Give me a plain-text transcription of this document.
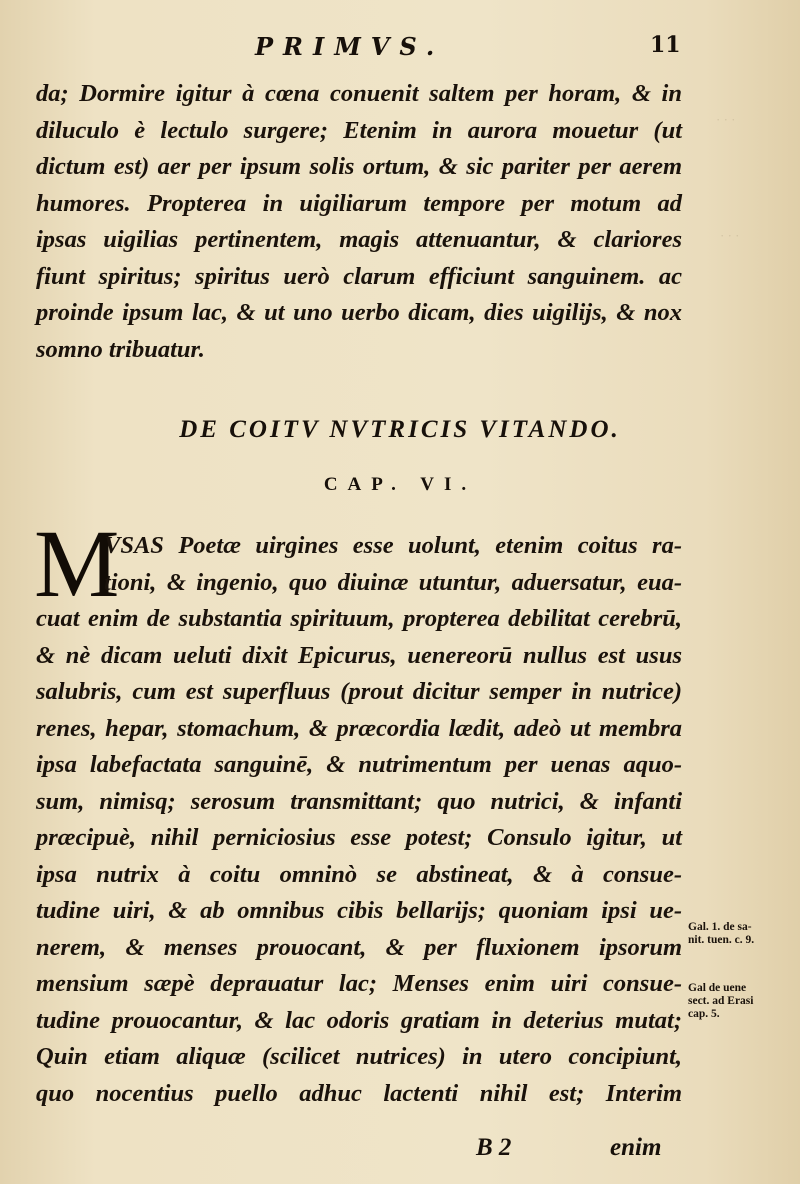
PRIMVS.	11
· · ·
· · ·
da; Dormire igitur à cœna conuenit saltem per horam, & in
diluculo è lectulo surgere; Etenim in aurora mouetur (ut
dictum est) aer per ipsum solis ortum, & sic pariter per aerem
humores. Propterea in uigiliarum tempore per motum ad
ipsas uigilias pertinentem, magis attenuantur, & clariores
fiunt spiritus; spiritus uerò clarum efficiunt sanguinem. ac
proinde ipsum lac, & ut uno uerbo dicam, dies uigilijs, & nox
somno tribuatur.
DE COITV NVTRICIS VITANDO.
CAP. VI.
M
VSAS Poetæ uirgines esse uolunt, etenim coitus ra-
tioni, & ingenio, quo diuinæ utuntur, aduersatur, eua-
cuat enim de substantia spirituum, propterea debilitat cerebrū,
& nè dicam ueluti dixit Epicurus, uenereorū nullus est usus
salubris, cum est superfluus (prout dicitur semper in nutrice)
renes, hepar, stomachum, & præcordia lædit, adeò ut membra
ipsa labefactata sanguinē, & nutrimentum per uenas aquo-
sum, nimisq; serosum transmittant; quo nutrici, & infanti
præcipuè, nihil perniciosius esse potest; Consulo igitur, ut
ipsa nutrix à coitu omninò se abstineat, & à consue-
tudine uiri, & ab omnibus cibis bellarijs; quoniam ipsi ue-
nerem, & menses prouocant, & per fluxionem ipsorum
mensium sæpè deprauatur lac; Menses enim uiri consue-
tudine prouocantur, & lac odoris gratiam in deterius mutat;
Quin etiam aliquæ (scilicet nutrices) in utero concipiunt,
quo nocentius puello adhuc lactenti nihil est; Interim
Gal. 1. de sa-
nit. tuen. c. 9.
Gal de uene
sect. ad Erasi
cap. 5.
B 2	enim
